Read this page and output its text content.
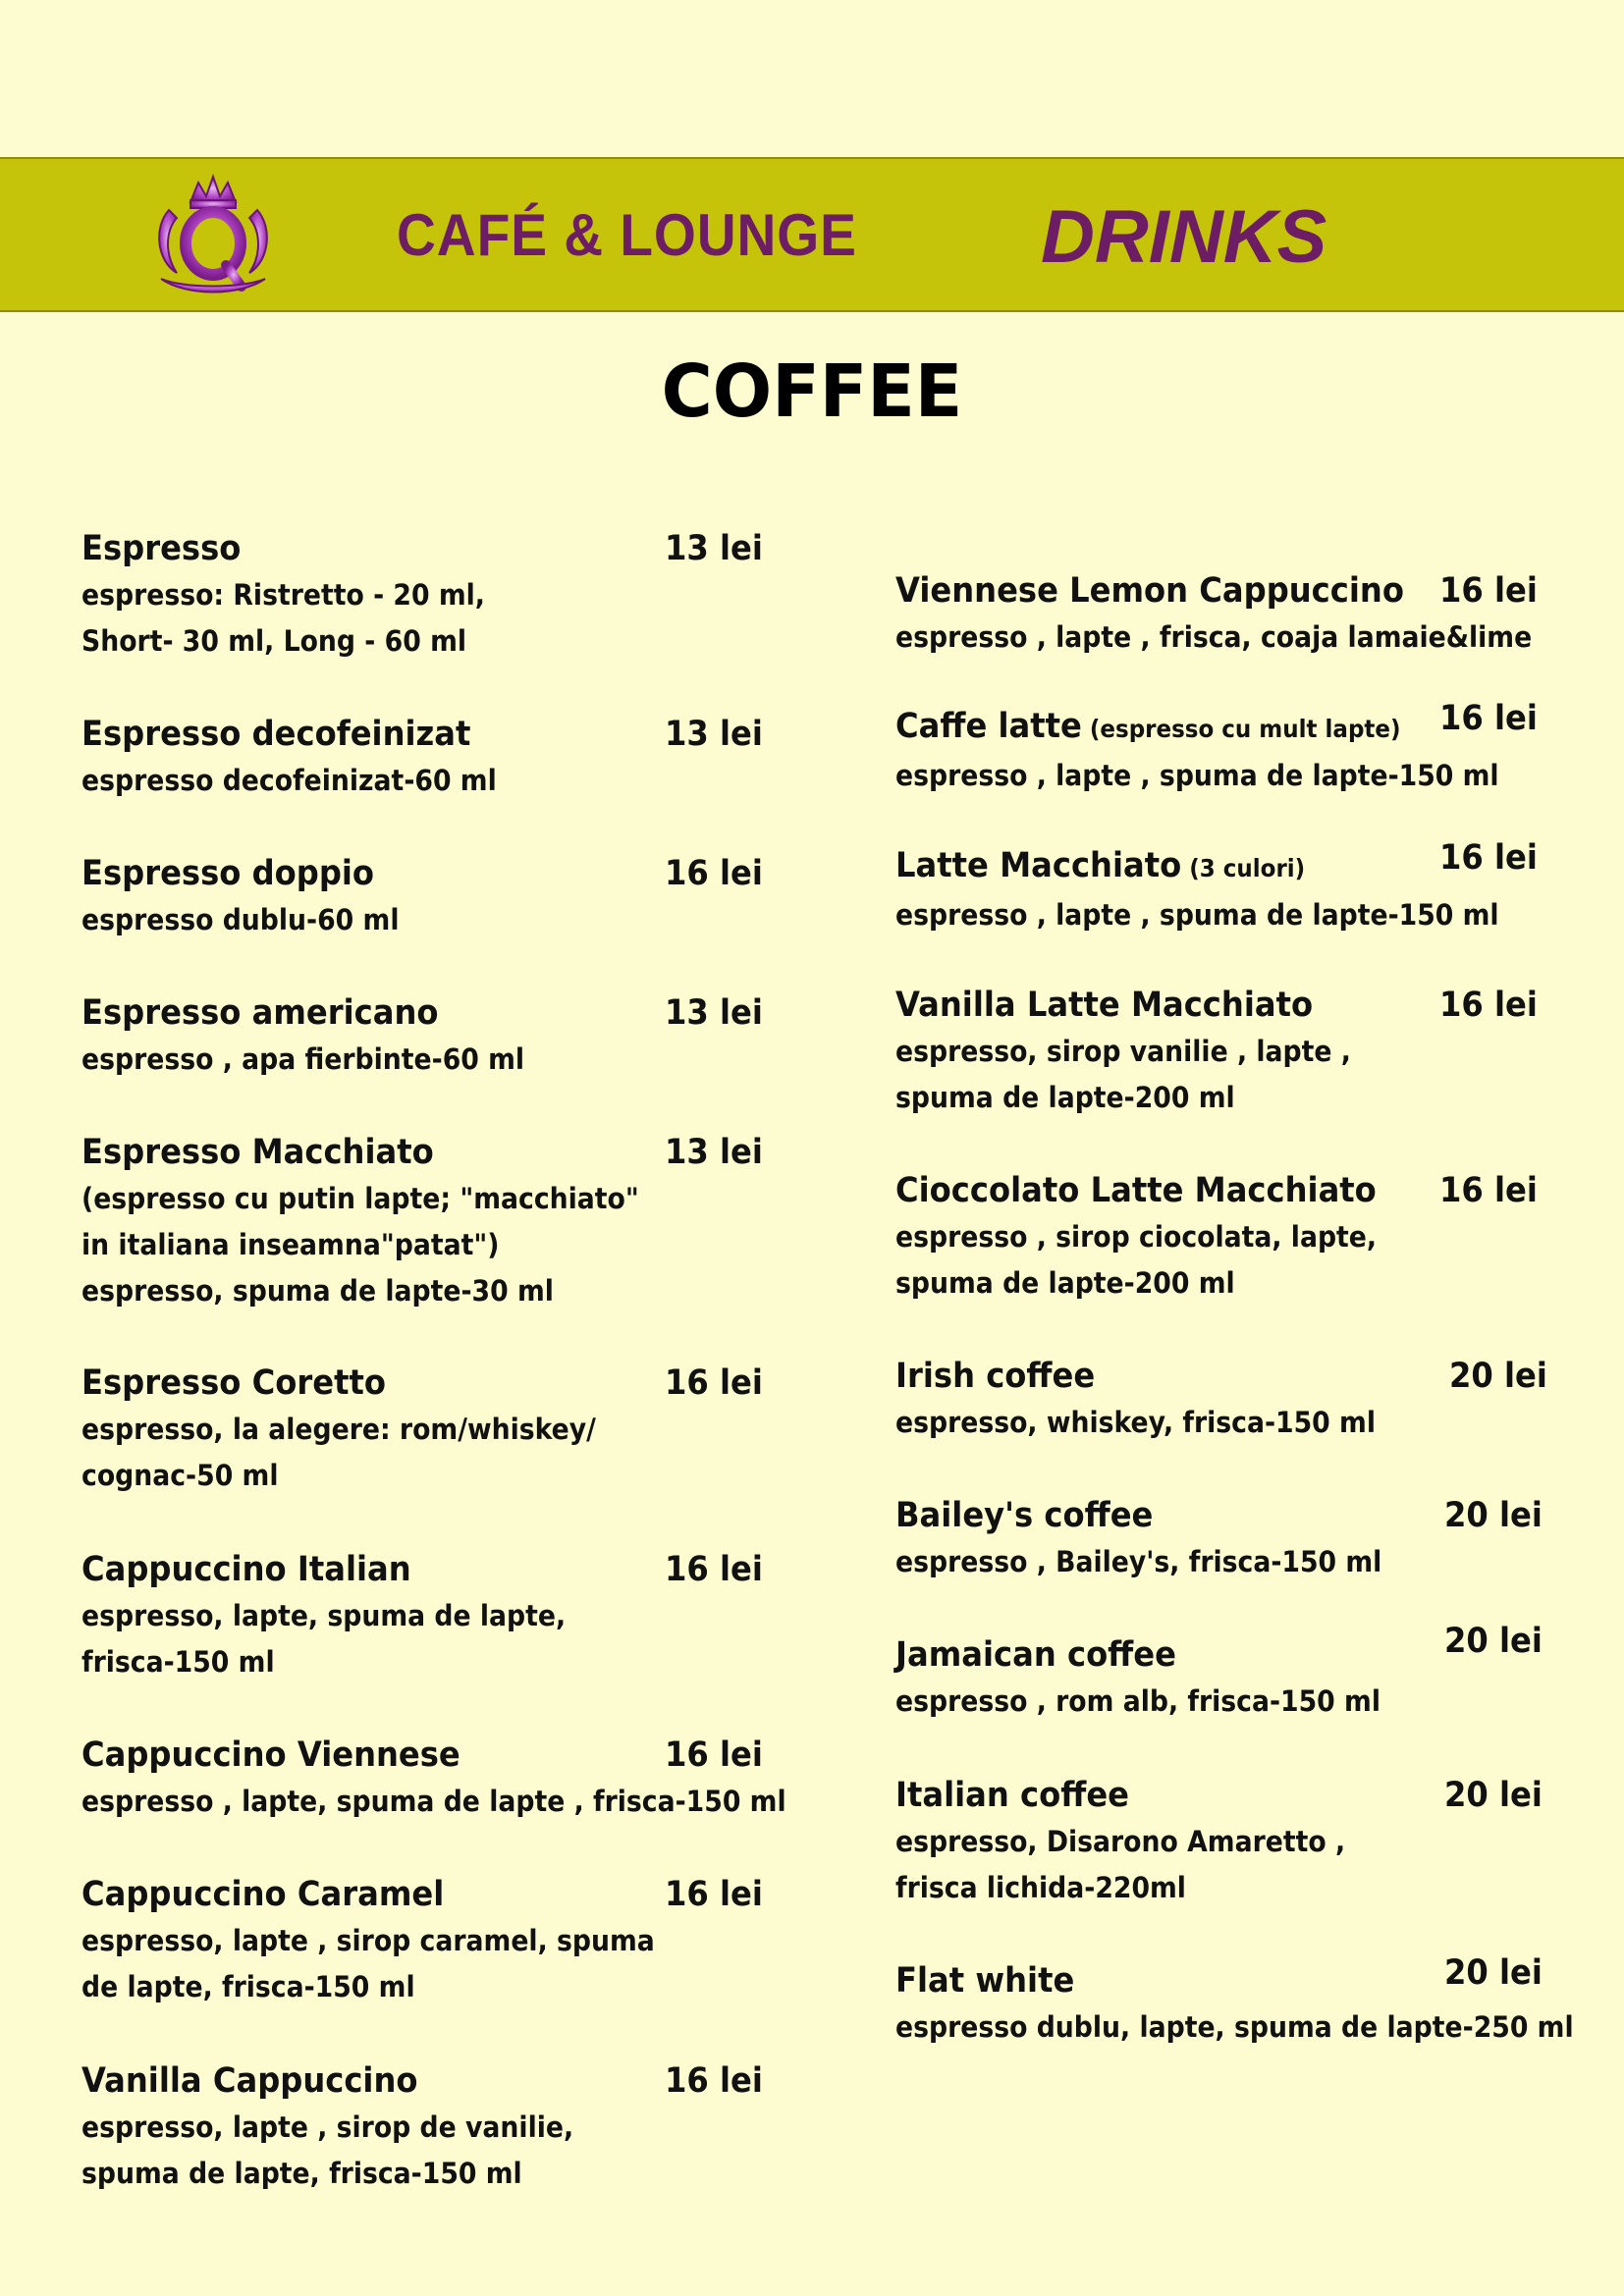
CAFÉ & LOUNGE DRINKS
COFFEE
Espresso
espresso: Ristretto - 20 ml,
Short- 30 ml, Long - 60 ml
13 lei
Espresso decofeinizat
espresso decofeinizat-60 ml
13 lei
Espresso doppio
espresso dublu-60 ml
16 lei
Espresso americano
espresso , apa fierbinte-60 ml
13 lei
Espresso Macchiato
(espresso cu putin lapte; "macchiato"
in italiana inseamna"patat")
espresso, spuma de lapte-30 ml
13 lei
Espresso Coretto
espresso, la alegere: rom/whiskey/
cognac-50 ml
16 lei
Cappuccino Italian
espresso, lapte, spuma de lapte,
frisca-150 ml
16 lei
Cappuccino Viennese
espresso , lapte, spuma de lapte , frisca-150 ml
16 lei
Cappuccino Caramel
espresso, lapte , sirop caramel, spuma
de lapte, frisca-150 ml
16 lei
Vanilla Cappuccino
espresso, lapte , sirop de vanilie,
spuma de lapte, frisca-150 ml
16 lei
Viennese Lemon Cappuccino
espresso , lapte , frisca, coaja lamaie&lime
16 lei
Caffe latte (espresso cu mult lapte)
espresso , lapte , spuma de lapte-150 ml
16 lei
Latte Macchiato (3 culori)
espresso , lapte , spuma de lapte-150 ml
16 lei
Vanilla Latte Macchiato
espresso, sirop vanilie , lapte ,
spuma de lapte-200 ml
16 lei
Cioccolato Latte Macchiato
espresso , sirop ciocolata, lapte,
spuma de lapte-200 ml
16 lei
Irish coffee
espresso, whiskey, frisca-150 ml
20 lei
Bailey's coffee
espresso , Bailey's, frisca-150 ml
20 lei
Jamaican coffee
espresso , rom alb, frisca-150 ml
20 lei
Italian coffee
espresso, Disarono Amaretto ,
frisca lichida-220ml
20 lei
Flat white
espresso dublu, lapte, spuma de lapte-250 ml
20 lei
